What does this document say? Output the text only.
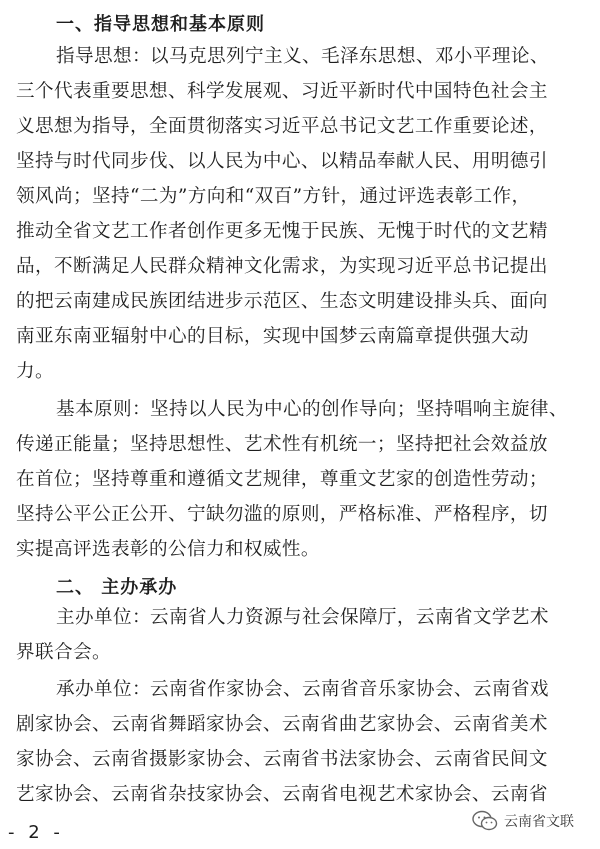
一、指导思想和基本原则
指导思想： 以马克思列宁主义、毛泽东思想、邓小平理论、
三个代表重要思想、科学发展观、习近平新时代中国特色社会主
义思想为指导，全面贯彻落实习近平总书记文艺工作重要论述，
坚持与时代同步伐、以人民为中心、以精品奉献人民、用明德引
领风尚；坚持“二为”方向和“双百”方针，通过评选表彰工作，
推动全省文艺工作者创作更多无愧于民族、无愧于时代的文艺精
品，不断满足人民群众精神文化需求，为实现习近平总书记提出
的把云南建成民族团结进步示范区、生态文明建设排头兵、面向
南亚东南亚辐射中心的目标，实现中国梦云南篇章提供强大动
力。
基本原则： 坚持以人民为中心的创作导向；坚持唱响主旋律、
传递正能量；坚持思想性、艺术性有机统一；坚持把社会效益放
在首位；坚持尊重和遵循文艺规律，尊重文艺家的创造性劳动；
坚持公平公正公开、宁缺勿滥的原则，严格标准、严格程序，切
实提高评选表彰的公信力和权威性。
二、 主办承办
主办单位： 云南省人力资源与社会保障厅，云南省文学艺术
界联合会。
承办单位： 云南省作家协会、云南省音乐家协会、云南省戏
剧家协会、云南省舞蹈家协会、云南省曲艺家协会、云南省美术
家协会、云南省摄影家协会、云南省书法家协会、云南省民间文
艺家协会、云南省杂技家协会、云南省电视艺术家协会、云南省
- 2 -	云南省文联
